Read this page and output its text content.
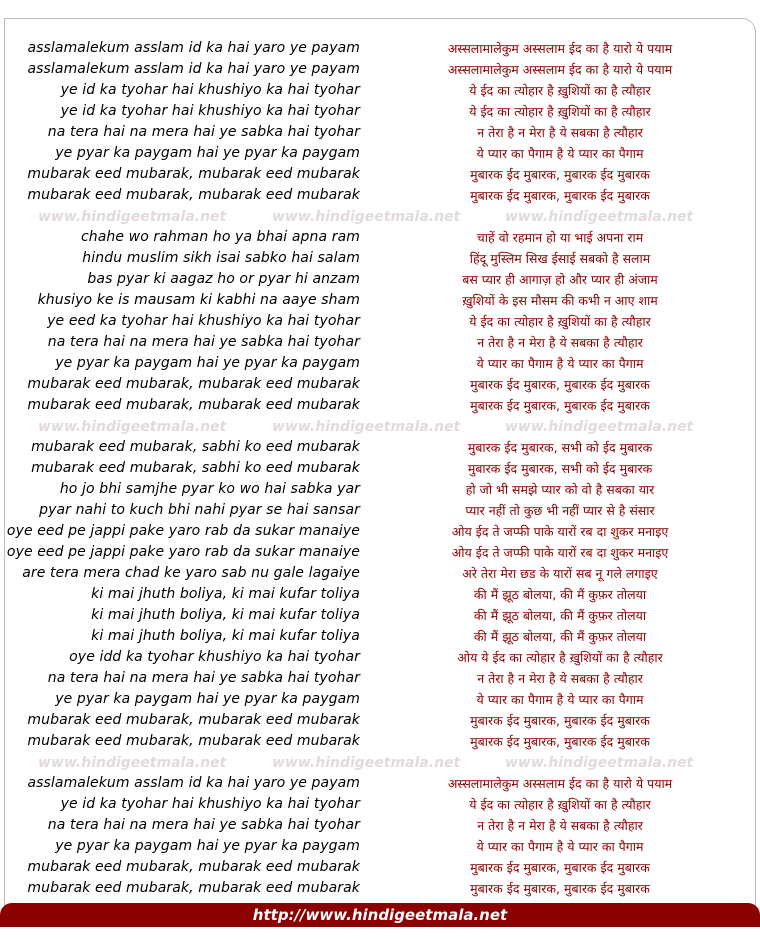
asslamalekum asslam id ka hai yaro ye payam	अस्सलामालेकुम अस्सलाम ईद का है यारो ये पयाम
asslamalekum asslam id ka hai yaro ye payam	अस्सलामालेकुम अस्सलाम ईद का है यारो ये पयाम
ye id ka tyohar hai khushiyo ka hai tyohar	ये ईद का त्योहार है ख़ुशियों का है त्यौहार
ye id ka tyohar hai khushiyo ka hai tyohar	ये ईद का त्योहार है ख़ुशियों का है त्यौहार
na tera hai na mera hai ye sabka hai tyohar	न तेरा है न मेरा है ये सबका है त्यौहार
ye pyar ka paygam hai ye pyar ka paygam	ये प्यार का पैगाम है ये प्यार का पैगाम
mubarak eed mubarak, mubarak eed mubarak	मुबारक ईद मुबारक, मुबारक ईद मुबारक
mubarak eed mubarak, mubarak eed mubarak	मुबारक ईद मुबारक, मुबारक ईद मुबारक
www.hindigeetmala.net	www.hindigeetmala.net	www.hindigeetmala.net
chahe wo rahman ho ya bhai apna ram	चाहें वो रहमान हो या भाई अपना राम
hindu muslim sikh isai sabko hai salam	हिंदू मुस्लिम सिख ईसाई सबको है सलाम
bas pyar ki aagaz ho or pyar hi anzam	बस प्यार ही आगाज़ हो और प्यार ही अंजाम
khusiyo ke is mausam ki kabhi na aaye sham	ख़ुशियों के इस मौसम की कभी न आए शाम
ye eed ka tyohar hai khushiyo ka hai tyohar	ये ईद का त्योहार है ख़ुशियों का है त्यौहार
na tera hai na mera hai ye sabka hai tyohar	न तेरा है न मेरा है ये सबका है त्यौहार
ye pyar ka paygam hai ye pyar ka paygam	ये प्यार का पैगाम है ये प्यार का पैगाम
mubarak eed mubarak, mubarak eed mubarak	मुबारक ईद मुबारक, मुबारक ईद मुबारक
mubarak eed mubarak, mubarak eed mubarak	मुबारक ईद मुबारक, मुबारक ईद मुबारक
www.hindigeetmala.net	www.hindigeetmala.net	www.hindigeetmala.net
mubarak eed mubarak, sabhi ko eed mubarak	मुबारक ईद मुबारक, सभी को ईद मुबारक
mubarak eed mubarak, sabhi ko eed mubarak	मुबारक ईद मुबारक, सभी को ईद मुबारक
ho jo bhi samjhe pyar ko wo hai sabka yar	हो जो भी समझे प्यार को वो है सबका यार
pyar nahi to kuch bhi nahi pyar se hai sansar	प्यार नहीं तो कुछ भी नहीं प्यार से है संसार
oye eed pe jappi pake yaro rab da sukar manaiye	ओय ईद ते जप्फी पाके यारों रब दा शुकर मनाइए
oye eed pe jappi pake yaro rab da sukar manaiye	ओय ईद ते जप्फी पाके यारों रब दा शुकर मनाइए
are tera mera chad ke yaro sab nu gale lagaiye	अरे तेरा मेरा छड के यारों सब नू गले लगाइए
ki mai jhuth boliya, ki mai kufar toliya	की मैं झूठ बोलया, की मैं कुफ़र तोलया
ki mai jhuth boliya, ki mai kufar toliya	की मैं झूठ बोलया, की मैं कुफ़र तोलया
ki mai jhuth boliya, ki mai kufar toliya	की मैं झूठ बोलया, की मैं कुफ़र तोलया
oye idd ka tyohar khushiyo ka hai tyohar	ओय ये ईद का त्योहार है ख़ुशियों का है त्यौहार
na tera hai na mera hai ye sabka hai tyohar	न तेरा है न मेरा है ये सबका है त्यौहार
ye pyar ka paygam hai ye pyar ka paygam	ये प्यार का पैगाम है ये प्यार का पैगाम
mubarak eed mubarak, mubarak eed mubarak	मुबारक ईद मुबारक, मुबारक ईद मुबारक
mubarak eed mubarak, mubarak eed mubarak	मुबारक ईद मुबारक, मुबारक ईद मुबारक
www.hindigeetmala.net	www.hindigeetmala.net	www.hindigeetmala.net
asslamalekum asslam id ka hai yaro ye payam	अस्सलामालेकुम अस्सलाम ईद का है यारो ये पयाम
ye id ka tyohar hai khushiyo ka hai tyohar	ये ईद का त्योहार है ख़ुशियों का है त्यौहार
na tera hai na mera hai ye sabka hai tyohar	न तेरा है न मेरा है ये सबका है त्यौहार
ye pyar ka paygam hai ye pyar ka paygam	ये प्यार का पैगाम है ये प्यार का पैगाम
mubarak eed mubarak, mubarak eed mubarak	मुबारक ईद मुबारक, मुबारक ईद मुबारक
mubarak eed mubarak, mubarak eed mubarak	मुबारक ईद मुबारक, मुबारक ईद मुबारक
http://www.hindigeetmala.net
